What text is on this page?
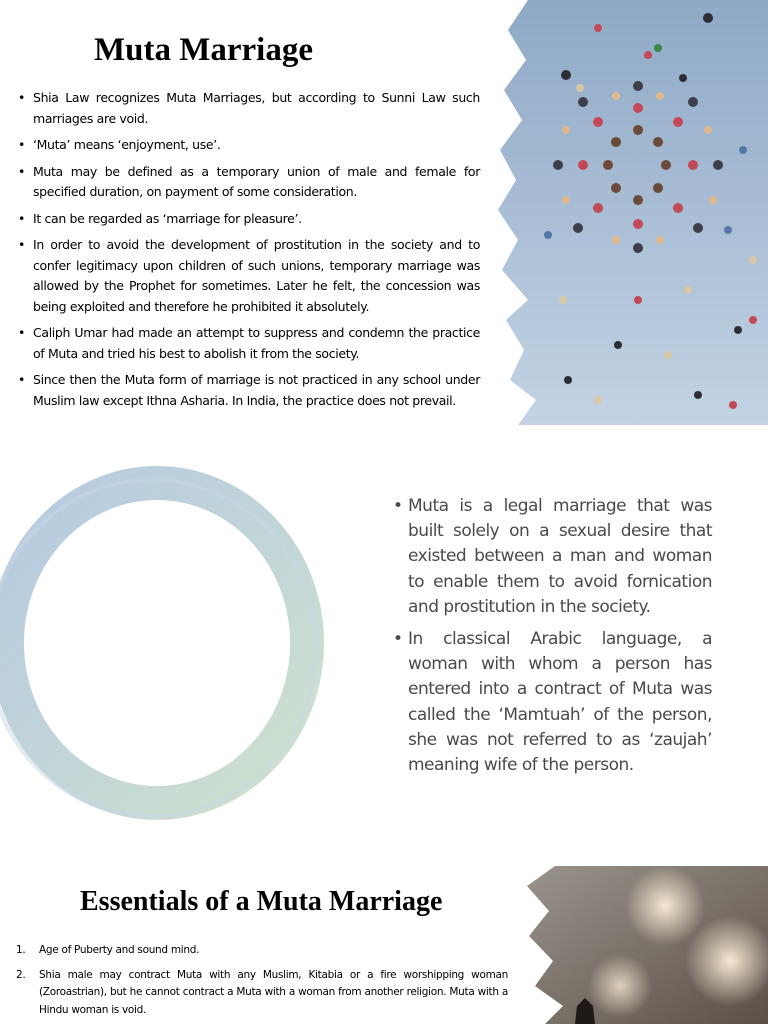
Muta Marriage
• Shia Law recognizes Muta Marriages, but according to Sunni Law such marriages are void.
• ‘Muta’ means ‘enjoyment, use’.
• Muta may be defined as a temporary union of male and female for specified duration, on payment of some consideration.
• It can be regarded as ‘marriage for pleasure’.
• In order to avoid the development of prostitution in the society and to confer legitimacy upon children of such unions, temporary marriage was allowed by the Prophet for sometimes. Later he felt, the concession was being exploited and therefore he prohibited it absolutely.
• Caliph Umar had made an attempt to suppress and condemn the practice of Muta and tried his best to abolish it from the society.
• Since then the Muta form of marriage is not practiced in any school under Muslim law except Ithna Asharia. In India, the practice does not prevail.
• Muta is a legal marriage that was built solely on a sexual desire that existed between a man and woman to enable them to avoid fornication and prostitution in the society.
• In classical Arabic language, a woman with whom a person has entered into a contract of Muta was called the ‘Mamtuah’ of the person, she was not referred to as ‘zaujah’ meaning wife of the person.
Essentials of a Muta Marriage
1. Age of Puberty and sound mind.
2. Shia male may contract Muta with any Muslim, Kitabia or a fire worshipping woman (Zoroastrian), but he cannot contract a Muta with a woman from another religion. Muta with a Hindu woman is void.
